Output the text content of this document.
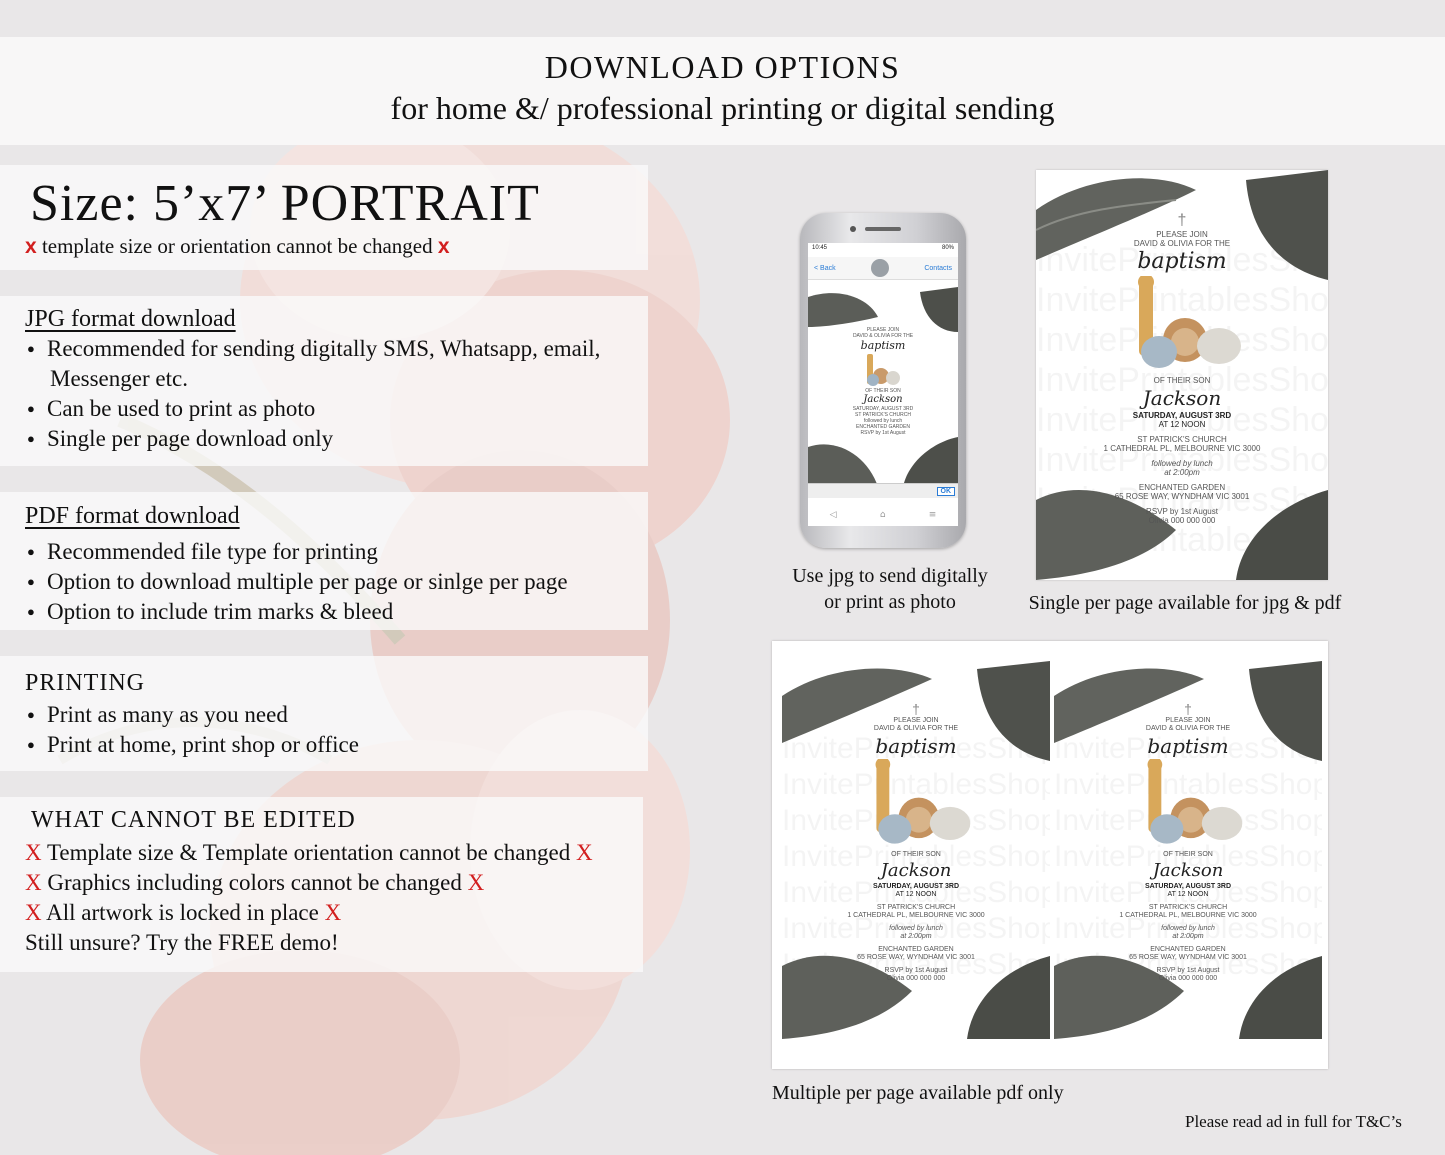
DOWNLOAD OPTIONS
for home &/ professional printing or digital sending
Size: 5’x7’ PORTRAIT
x template size or orientation cannot be changed x
JPG format download
● Recommended for sending digitally SMS, Whatsapp, email,
Messenger etc.
● Can be used to print as photo
● Single per page download only
PDF format download
● Recommended file type for printing
● Option to download multiple per page or sinlge per page
● Option to include trim marks & bleed
PRINTING
● Print as many as you need
● Print at home, print shop or office
WHAT CANNOT BE EDITED
X Template size & Template orientation cannot be changed X
X Graphics including colors cannot be changed X
X All artwork is locked in place X
Still unsure? Try the FREE demo!
10:45	80%
< Back	Contacts
PLEASE JOIN
DAVID & OLIVIA FOR THE
baptism
OF THEIR SON
Jackson
SATURDAY, AUGUST 3RD
ST PATRICK'S CHURCH
followed by lunch
ENCHANTED GARDEN
RSVP by 1st August
OK
◁	⌂	≡
Use jpg to send digitally
or print as photo
†
PLEASE JOIN
DAVID & OLIVIA FOR THE
baptism
OF THEIR SON
Jackson
SATURDAY, AUGUST 3RD
AT 12 NOON
ST PATRICK'S CHURCH
1 CATHEDRAL PL, MELBOURNE VIC 3000
followed by lunch
at 2:00pm
ENCHANTED GARDEN
65 ROSE WAY, WYNDHAM VIC 3001
RSVP by 1st August
Olivia 000 000 000
Single per page available for jpg & pdf
†
PLEASE JOIN
DAVID & OLIVIA FOR THE
baptism
OF THEIR SON
Jackson
SATURDAY, AUGUST 3RD
AT 12 NOON
ST PATRICK'S CHURCH
1 CATHEDRAL PL, MELBOURNE VIC 3000
followed by lunch
at 2:00pm
ENCHANTED GARDEN
65 ROSE WAY, WYNDHAM VIC 3001
RSVP by 1st August
Olivia 000 000 000
†
PLEASE JOIN
DAVID & OLIVIA FOR THE
baptism
OF THEIR SON
Jackson
SATURDAY, AUGUST 3RD
AT 12 NOON
ST PATRICK'S CHURCH
1 CATHEDRAL PL, MELBOURNE VIC 3000
followed by lunch
at 2:00pm
ENCHANTED GARDEN
65 ROSE WAY, WYNDHAM VIC 3001
RSVP by 1st August
Olivia 000 000 000
Multiple per page available pdf only
Please read ad in full for T&C’s
